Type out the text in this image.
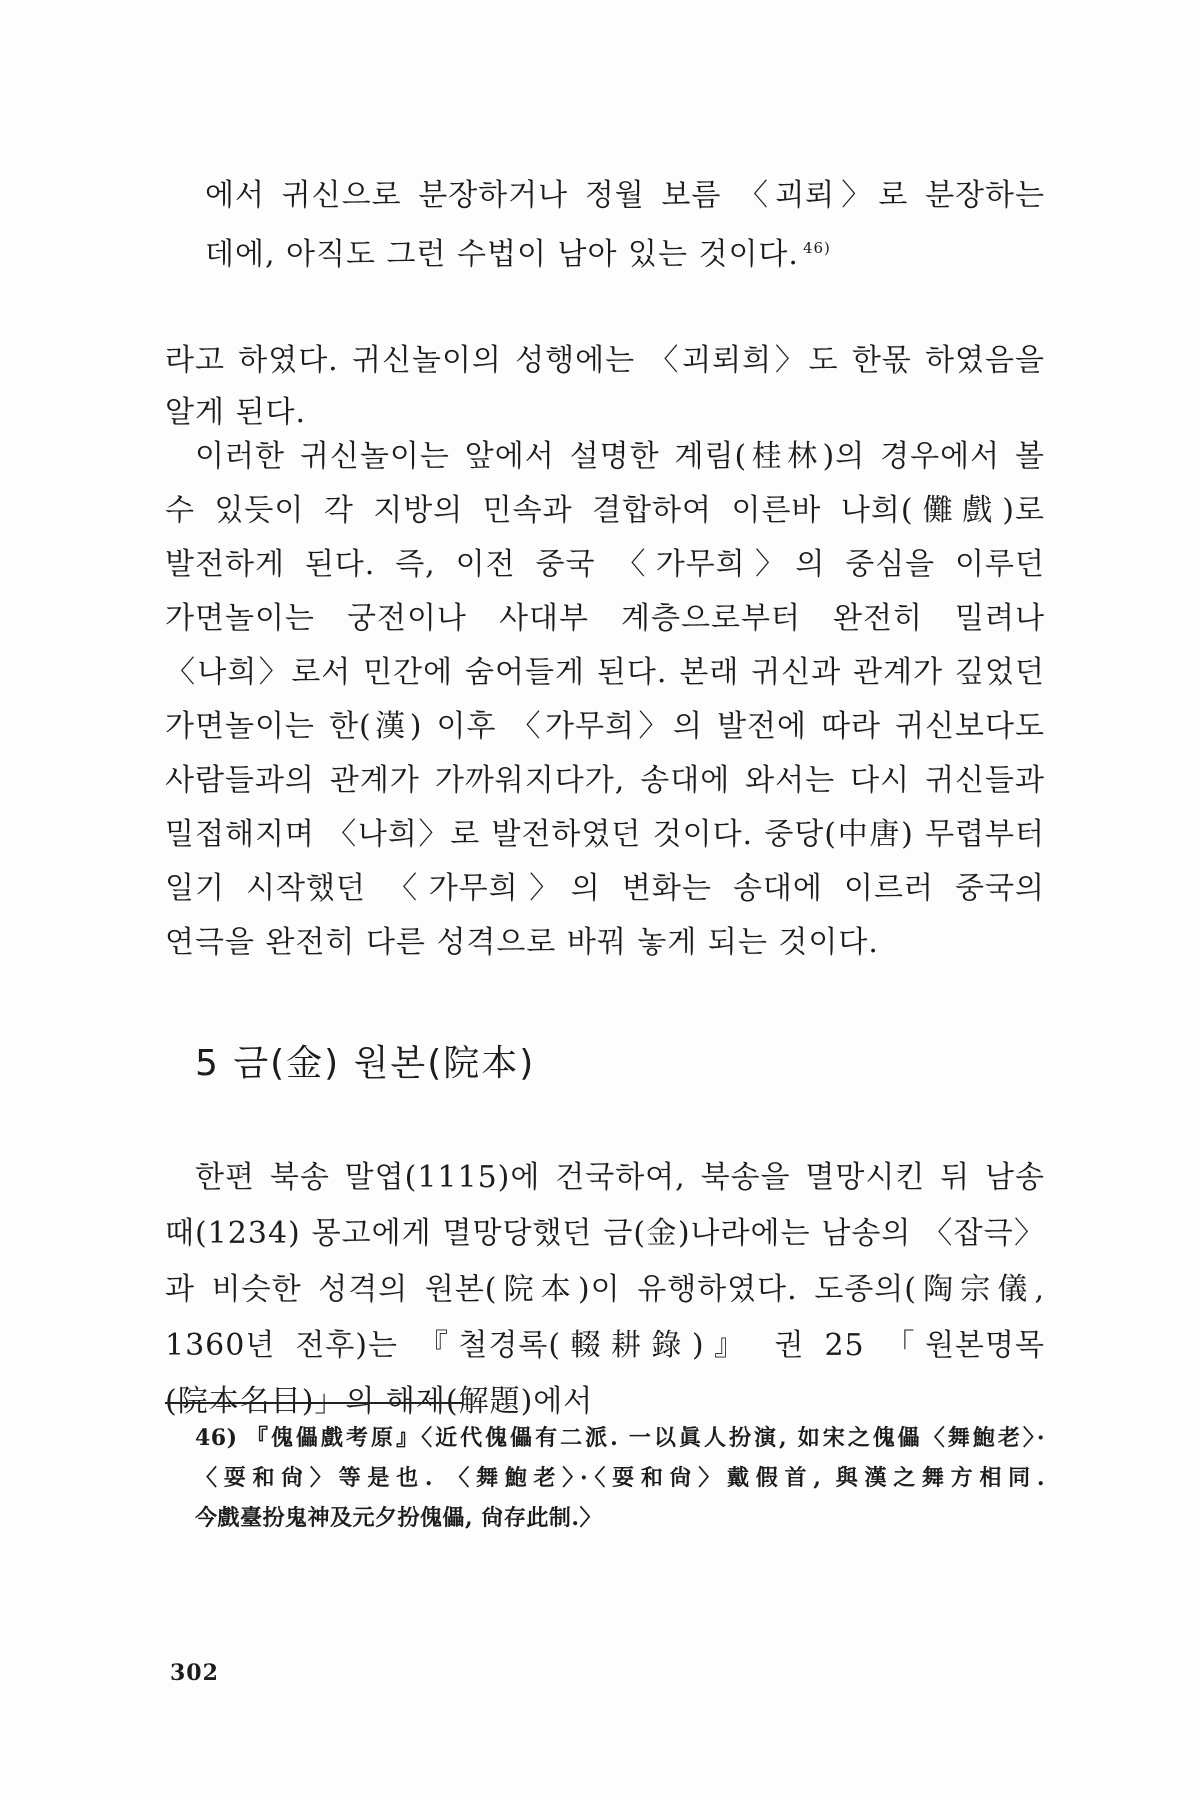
에서 귀신으로 분장하거나 정월 보름 〈괴뢰〉로 분장하는 데에, 아직도 그런 수법이 남아 있는 것이다. $^{46)}$

라고 하였다. 귀신놀이의 성행에는 〈괴뢰희〉도 한몫 하였음을 알게 된다.

이러한 귀신놀이는 앞에서 설명한 계림(桂林)의 경우에서 볼 수 있듯이 각 지방의 민속과 결합하여 이른바 나희(儺戲)로 발전하게 된다. 즉, 이전 중국 〈가무희〉의 중심을 이루던 가면놀이는 궁전이나 사대부 계층으로부터 완전히 밀려나 〈나희〉로서 민간에 숨어들게 된다. 본래 귀신과 관계가 깊었던 가면놀이는 한(漢) 이후 〈가무희〉의 발전에 따라 귀신보다도 사람들과의 관계가 가까워지다가, 송대에 와서는 다시 귀신들과 밀접해지며 〈나희〉로 발전하였던 것이다. 중당(中唐) 무렵부터 일기 시작했던 〈가무희〉의 변화는 송대에 이르러 중국의 연극을 완전히 다른 성격으로 바꿔 놓게 되는 것이다.

5 금(金) 원본(院本)

한편 북송 말엽(1115)에 건국하여, 북송을 멸망시킨 뒤 남송 때(1234) 몽고에게 멸망당했던 금(金)나라에는 남송의 〈잡극〉과 비슷한 성격의 원본(院本)이 유행하였다. 도종의(陶宗儀, 1360년 전후)는 『철경록(輟耕錄)』 권 25 「원본명목(院本名目)」의 해제(解題)에서

46) 『傀儡戲考原』〈近代傀儡有二派. 一以眞人扮演, 如宋之傀儡〈舞鮑老〉·〈耍和尙〉等是也. 〈舞鮑老〉·〈耍和尙〉戴假首, 與漢之舞方相同. 今戲臺扮鬼神及元夕扮傀儡, 尙存此制.〉
302
